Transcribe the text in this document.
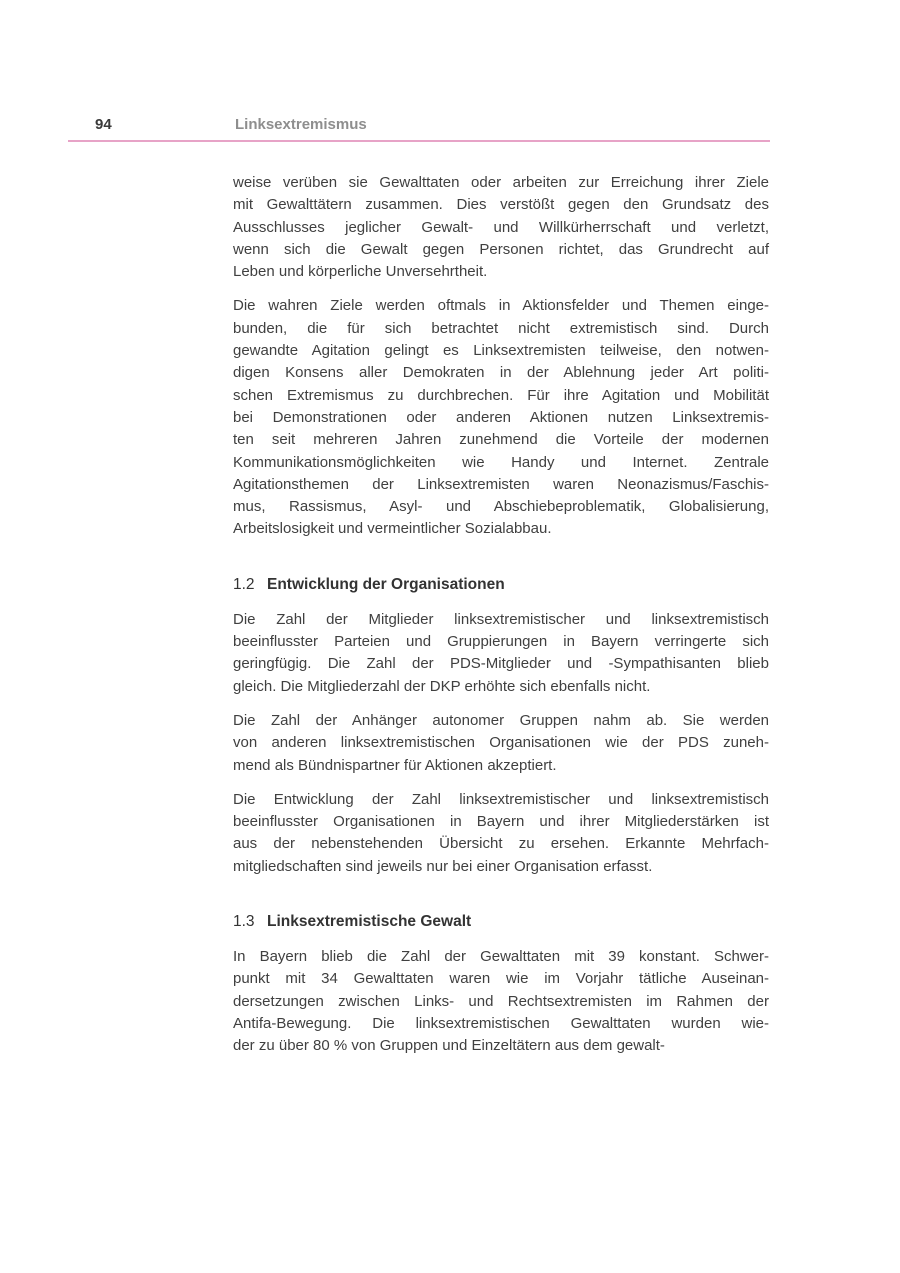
94	Linksextremismus
weise verüben sie Gewalttaten oder arbeiten zur Erreichung ihrer Ziele
mit Gewalttätern zusammen. Dies verstößt gegen den Grundsatz des
Ausschlusses jeglicher Gewalt- und Willkürherrschaft und verletzt,
wenn sich die Gewalt gegen Personen richtet, das Grundrecht auf
Leben und körperliche Unversehrtheit.
Die wahren Ziele werden oftmals in Aktionsfelder und Themen einge-
bunden, die für sich betrachtet nicht extremistisch sind. Durch
gewandte Agitation gelingt es Linksextremisten teilweise, den notwen-
digen Konsens aller Demokraten in der Ablehnung jeder Art politi-
schen Extremismus zu durchbrechen. Für ihre Agitation und Mobilität
bei Demonstrationen oder anderen Aktionen nutzen Linksextremis-
ten seit mehreren Jahren zunehmend die Vorteile der modernen
Kommunikationsmöglichkeiten wie Handy und Internet. Zentrale
Agitationsthemen der Linksextremisten waren Neonazismus/Faschis-
mus, Rassismus, Asyl- und Abschiebeproblematik, Globalisierung,
Arbeitslosigkeit und vermeintlicher Sozialabbau.
1.2 Entwicklung der Organisationen
Die Zahl der Mitglieder linksextremistischer und linksextremistisch
beeinflusster Parteien und Gruppierungen in Bayern verringerte sich
geringfügig. Die Zahl der PDS-Mitglieder und -Sympathisanten blieb
gleich. Die Mitgliederzahl der DKP erhöhte sich ebenfalls nicht.
Die Zahl der Anhänger autonomer Gruppen nahm ab. Sie werden
von anderen linksextremistischen Organisationen wie der PDS zuneh-
mend als Bündnispartner für Aktionen akzeptiert.
Die Entwicklung der Zahl linksextremistischer und linksextremistisch
beeinflusster Organisationen in Bayern und ihrer Mitgliederstärken ist
aus der nebenstehenden Übersicht zu ersehen. Erkannte Mehrfach-
mitgliedschaften sind jeweils nur bei einer Organisation erfasst.
1.3 Linksextremistische Gewalt
In Bayern blieb die Zahl der Gewalttaten mit 39 konstant. Schwer-
punkt mit 34 Gewalttaten waren wie im Vorjahr tätliche Auseinan-
dersetzungen zwischen Links- und Rechtsextremisten im Rahmen der
Antifa-Bewegung. Die linksextremistischen Gewalttaten wurden wie-
der zu über 80 % von Gruppen und Einzeltätern aus dem gewalt-
